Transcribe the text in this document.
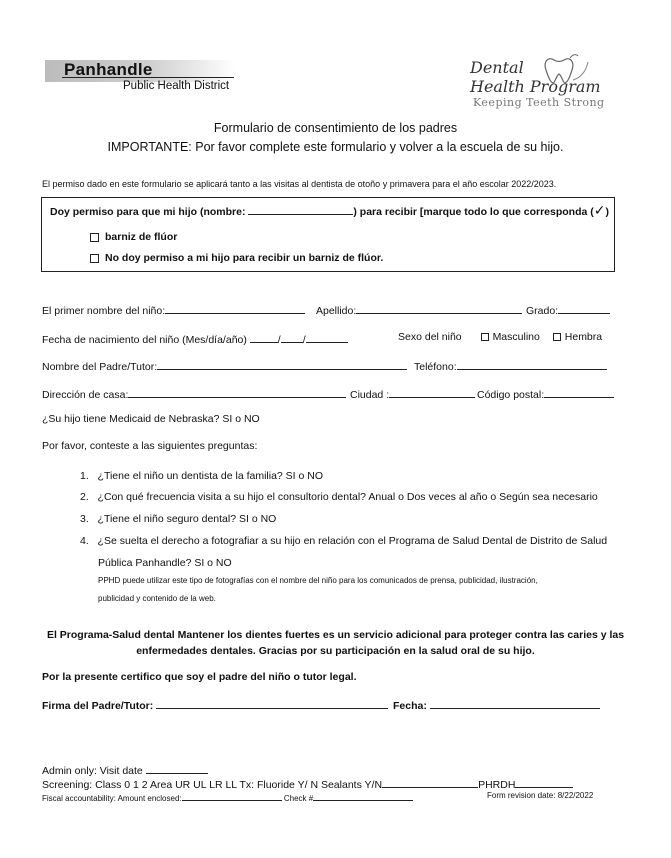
Panhandle
Public Health District
Dental
Health Program
Keeping Teeth Strong
Formulario de consentimiento de los padres
IMPORTANTE: Por favor complete este formulario y volver a la escuela de su hijo.
El permiso dado en este formulario se aplicará tanto a las visitas al dentista de otoño y primavera para el año escolar 2022/2023.
Doy permiso para que mi hijo (nombre:	) para recibir [marque todo lo que corresponda (✓)
barniz de flúor
No doy permiso a mi hijo para recibir un barniz de flúor.
El primer nombre del niño:	Apellido:	Grado:
Fecha de nacimiento del niño (Mes/día/año)	/ /	Sexo del niño	Masculino Hembra
Nombre del Padre/Tutor:	Teléfono:
Dirección de casa:	Ciudad :	Código postal:
¿Su hijo tiene Medicaid de Nebraska? SI o NO
Por favor, conteste a las siguientes preguntas:
1. ¿Tiene el niño un dentista de la familia? SI o NO
2. ¿Con qué frecuencia visita a su hijo el consultorio dental? Anual o Dos veces al año o Según sea necesario
3. ¿Tiene el niño seguro dental? SI o NO
4. ¿Se suelta el derecho a fotografiar a su hijo en relación con el Programa de Salud Dental de Distrito de Salud
Pública Panhandle? SI o NO
PPHD puede utilizar este tipo de fotografías con el nombre del niño para los comunicados de prensa, publicidad, ilustración,
publicidad y contenido de la web.
El Programa-Salud dental Mantener los dientes fuertes es un servicio adicional para proteger contra las caries y las
enfermedades dentales. Gracias por su participación en la salud oral de su hijo.
Por la presente certifico que soy el padre del niño o tutor legal.
Firma del Padre/Tutor:	Fecha:
Admin only: Visit date
Screening: Class 0 1 2 Area UR UL LR LL Tx: Fluoride Y/ N Sealants Y/N	PHRDH
Fiscal accountability: Amount enclosed:	Check #	Form revision date: 8/22/2022
